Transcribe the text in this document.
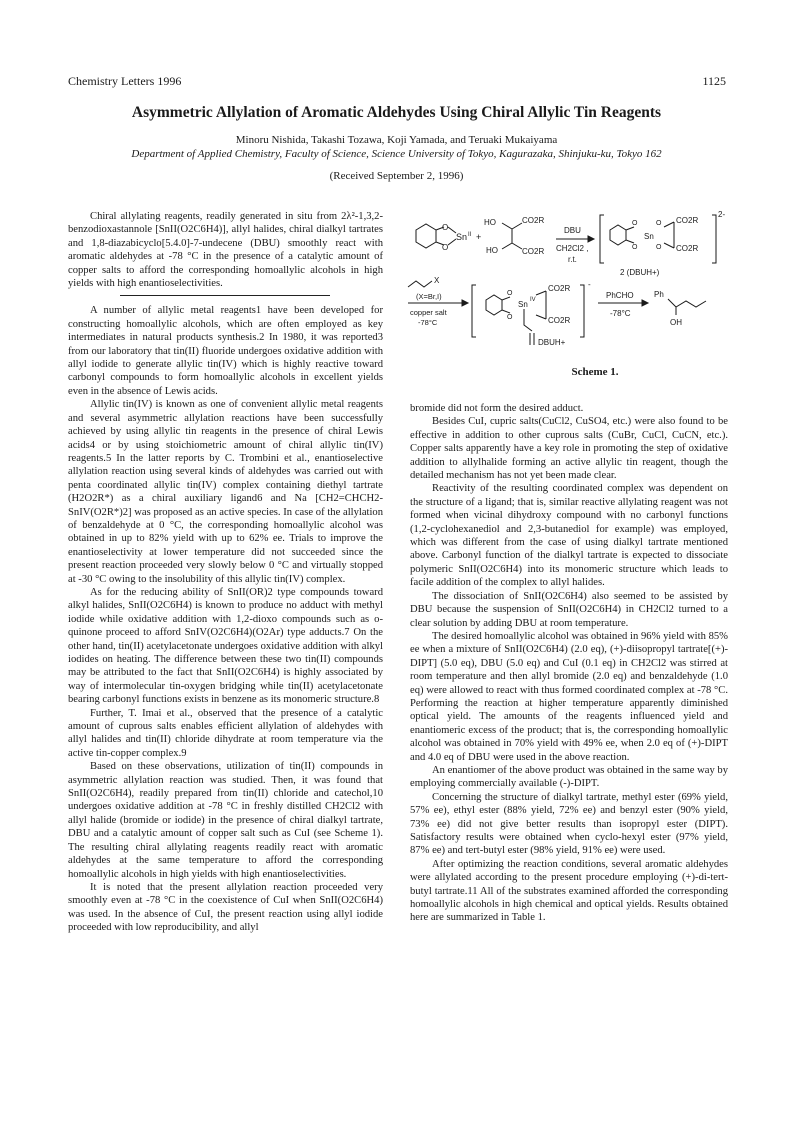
Chemistry Letters 1996	1125
Asymmetric Allylation of Aromatic Aldehydes Using Chiral Allylic Tin Reagents
Minoru Nishida, Takashi Tozawa, Koji Yamada, and Teruaki Mukaiyama
Department of Applied Chemistry, Faculty of Science, Science University of Tokyo, Kagurazaka, Shinjuku-ku, Tokyo 162
(Received September 2, 1996)

Chiral allylating reagents, readily generated in situ from 2λ²-1,3,2-benzodioxastannole [SnII(O2C6H4)], allyl halides, chiral dialkyl tartrates and 1,8-diazabicyclo[5.4.0]-7-undecene (DBU) smoothly react with aromatic aldehydes at -78 °C in the presence of a catalytic amount of copper salts to afford the corresponding homoallylic alcohols in high yields with high enantioselectivities.

A number of allylic metal reagents1 have been developed for constructing homoallylic alcohols, which are often employed as key intermediates in natural products synthesis.2 In 1980, it was reported3 from our laboratory that tin(II) fluoride undergoes oxidative addition with allyl iodide to generate allylic tin(IV) which is highly reactive toward carbonyl compounds to form homoallylic alcohols in excellent yields even in the absence of Lewis acids.

Allylic tin(IV) is known as one of convenient allylic metal reagents and several asymmetric allylation reactions have been successfully achieved by using allylic tin reagents in the presence of chiral Lewis acids4 or by using stoichiometric amount of chiral allylic tin(IV) reagents.5 In the latter reports by C. Trombini et al., enantioselective allylation reaction using several kinds of aldehydes was carried out with penta coordinated allylic tin(IV) complex containing diethyl tartrate (H2O2R*) as a chiral auxiliary ligand6 and Na [CH2=CHCH2-SnIV(O2R*)2] was proposed as an active species. In case of the allylation of benzaldehyde at 0 °C, the corresponding homoallylic alcohol was obtained in up to 82% yield with up to 62% ee. Trials to improve the enantioselectivity at lower temperature did not succeeded since the present reaction proceeded very slowly below 0 °C and virtually stopped at -30 °C owing to the insolubility of this allylic tin(IV) complex.

As for the reducing ability of SnII(OR)2 type compounds toward alkyl halides, SnII(O2C6H4) is known to produce no adduct with methyl iodide while oxidative addition with 1,2-dioxo compounds such as o-quinone proceed to afford SnIV(O2C6H4)(O2Ar) type adducts.7 On the other hand, tin(II) acetylacetonate undergoes oxidative addition with alkyl iodides on heating. The difference between these two tin(II) compounds may be attributed to the fact that SnII(O2C6H4) is highly associated by way of intermolecular tin-oxygen bridging while tin(II) acetylacetonate bearing carbonyl functions exists in benzene as its monomeric structure.8

Further, T. Imai et al., observed that the presence of a catalytic amount of cuprous salts enables efficient allylation of aldehydes with allyl halides and tin(II) chloride dihydrate at room temperature via the active tin-copper complex.9

Based on these observations, utilization of tin(II) compounds in asymmetric allylation reaction was studied. Then, it was found that SnII(O2C6H4), readily prepared from tin(II) chloride and catechol,10 undergoes oxidative addition at -78 °C in freshly distilled CH2Cl2 with allyl halide (bromide or iodide) in the presence of chiral dialkyl tartrate, DBU and a catalytic amount of copper salt such as CuI (see Scheme 1). The resulting chiral allylating reagents readily react with aromatic aldehydes at the same temperature to afford the corresponding homoallylic alcohols in high yields with high enantioselectivities.

It is noted that the present allylation reaction proceeded very smoothly even at -78 °C in the coexistence of CuI when SnII(O2C6H4) was used. In the absence of CuI, the present reaction using allyl iodide proceeded with low reproducibility, and allyl

O
O
Sn II +
HO
HO
CO2R
CO2R
DBU
CH2Cl2 ,
r.t.
O
O
Sn
O
O
CO2R
CO2R
2-
2 (DBUH+)
X
(X=Br,I)
copper salt
-78°C
O
O
Sn IV
CO2R
CO2R
-
DBUH+
PhCHO
-78°C
Ph
OH
Scheme 1.

bromide did not form the desired adduct.

Besides CuI, cupric salts(CuCl2, CuSO4, etc.) were also found to be effective in addition to other cuprous salts (CuBr, CuCl, CuCN, etc.). Copper salts apparently have a key role in promoting the step of oxidative addition to allylhalide forming an active allylic tin reagent, though the detailed mechanism has not yet been made clear.

Reactivity of the resulting coordinated complex was dependent on the structure of a ligand; that is, similar reactive allylating reagent was not formed when vicinal dihydroxy compound with no carbonyl functions (1,2-cyclohexanediol and 2,3-butanediol for example) was employed, which was different from the case of using dialkyl tartrate mentioned above. Carbonyl function of the dialkyl tartrate is expected to dissociate polymeric SnII(O2C6H4) into its monomeric structure which leads to facile addition of the complex to allyl halides.

The dissociation of SnII(O2C6H4) also seemed to be assisted by DBU because the suspension of SnII(O2C6H4) in CH2Cl2 turned to a clear solution by adding DBU at room temperature.

The desired homoallylic alcohol was obtained in 96% yield with 85% ee when a mixture of SnII(O2C6H4) (2.0 eq), (+)-diisopropyl tartrate[(+)-DIPT] (5.0 eq), DBU (5.0 eq) and CuI (0.1 eq) in CH2Cl2 was stirred at room temperature and then allyl bromide (2.0 eq) and benzaldehyde (1.0 eq) were allowed to react with thus formed coordinated complex at -78 °C. Performing the reaction at higher temperature apparently diminished optical yield. The amounts of the reagents influenced yield and enantiomeric excess of the product; that is, the corresponding homoallylic alcohol was obtained in 70% yield with 49% ee, when 2.0 eq of (+)-DIPT and 4.0 eq of DBU were used in the above reaction.

An enantiomer of the above product was obtained in the same way by employing commercially available (-)-DIPT.

Concerning the structure of dialkyl tartrate, methyl ester (69% yield, 57% ee), ethyl ester (88% yield, 72% ee) and benzyl ester (90% yield, 73% ee) did not give better results than isopropyl ester (DIPT). Satisfactory results were obtained when cyclo-hexyl ester (97% yield, 87% ee) and tert-butyl ester (98% yield, 91% ee) were used.

After optimizing the reaction conditions, several aromatic aldehydes were allylated according to the present procedure employing (+)-di-tert-butyl tartrate.11 All of the substrates examined afforded the corresponding homoallylic alcohols in high chemical and optical yields. Results obtained here are summarized in Table 1.
